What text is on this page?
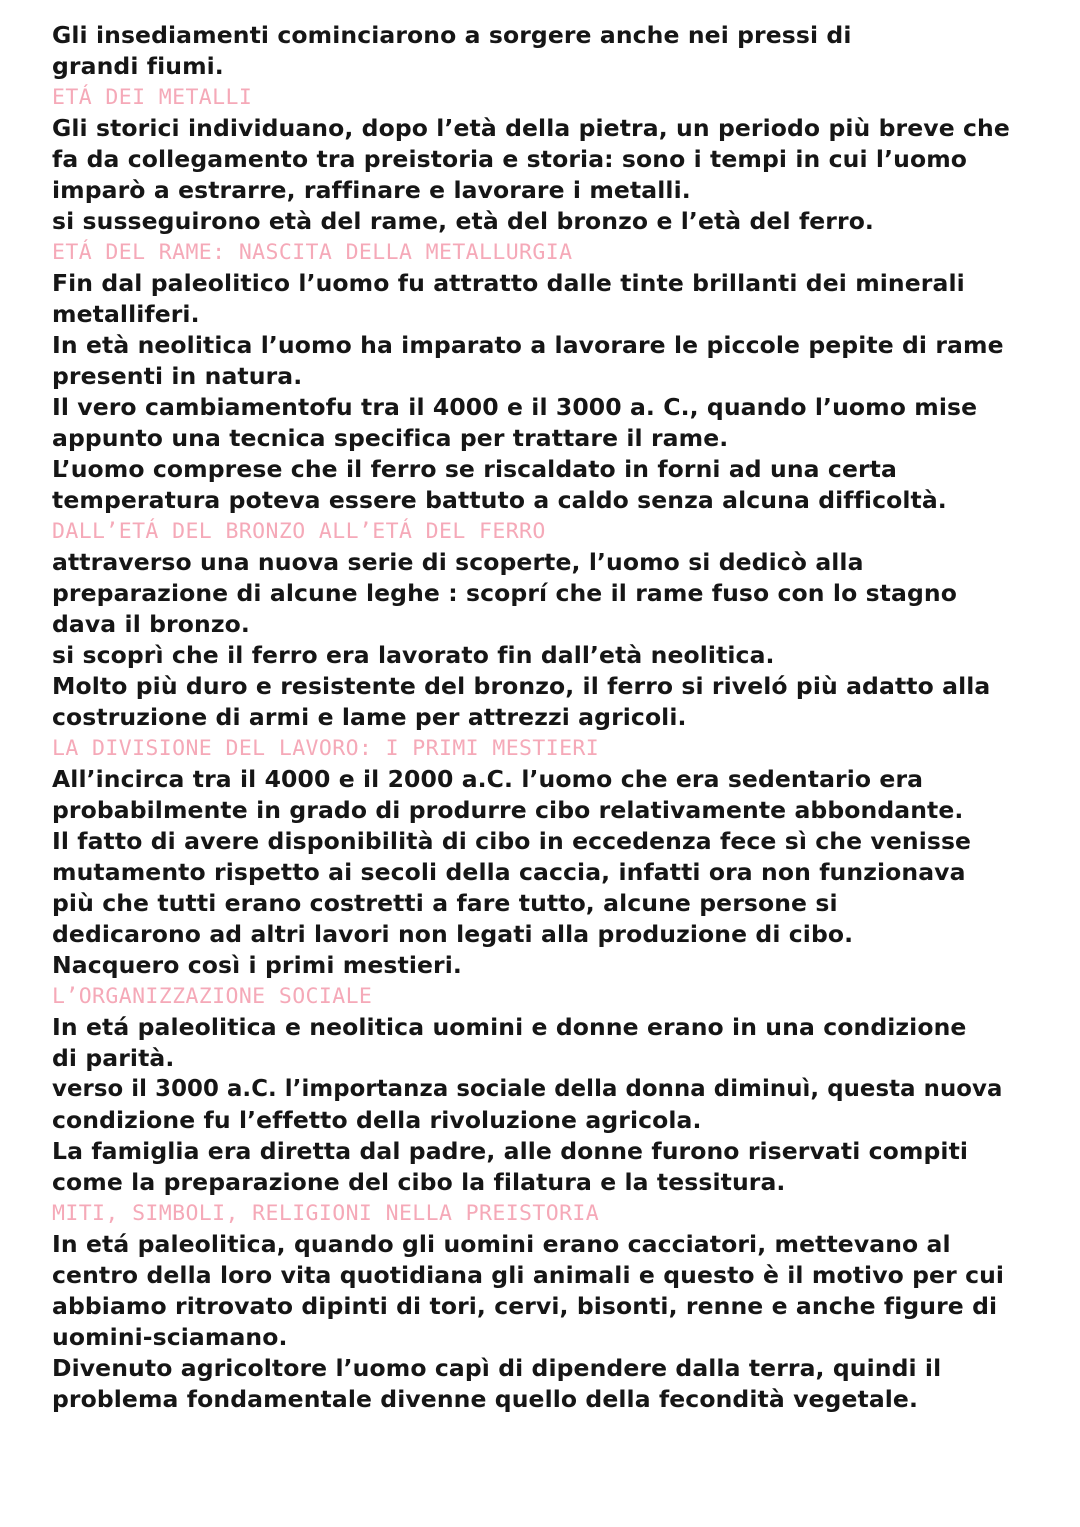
Gli insediamenti cominciarono a sorgere anche nei pressi di
grandi fiumi.
ETÁ DEI METALLI
Gli storici individuano, dopo l’età della pietra, un periodo più breve che
fa da collegamento tra preistoria e storia: sono i tempi in cui l’uomo
imparò a estrarre, raffinare e lavorare i metalli.
si susseguirono età del rame, età del bronzo e l’età del ferro.
ETÁ DEL RAME: NASCITA DELLA METALLURGIA
Fin dal paleolitico l’uomo fu attratto dalle tinte brillanti dei minerali
metalliferi.
In età neolitica l’uomo ha imparato a lavorare le piccole pepite di rame
presenti in natura.
Il vero cambiamentofu tra il 4000 e il 3000 a. C., quando l’uomo mise
appunto una tecnica specifica per trattare il rame.
L’uomo comprese che il ferro se riscaldato in forni ad una certa
temperatura poteva essere battuto a caldo senza alcuna difficoltà.
DALL’ETÁ DEL BRONZO ALL’ETÁ DEL FERRO
attraverso una nuova serie di scoperte, l’uomo si dedicò alla
preparazione di alcune leghe : scoprí che il rame fuso con lo stagno
dava il bronzo.
si scoprì che il ferro era lavorato fin dall’età neolitica.
Molto più duro e resistente del bronzo, il ferro si riveló più adatto alla
costruzione di armi e lame per attrezzi agricoli.
LA DIVISIONE DEL LAVORO: I PRIMI MESTIERI
All’incirca tra il 4000 e il 2000 a.C. l’uomo che era sedentario era
probabilmente in grado di produrre cibo relativamente abbondante.
Il fatto di avere disponibilità di cibo in eccedenza fece sì che venisse
mutamento rispetto ai secoli della caccia, infatti ora non funzionava
più che tutti erano costretti a fare tutto, alcune persone si
dedicarono ad altri lavori non legati alla produzione di cibo.
Nacquero così i primi mestieri.
L’ORGANIZZAZIONE SOCIALE
In etá paleolitica e neolitica uomini e donne erano in una condizione
di parità.
verso il 3000 a.C. l’importanza sociale della donna diminuì, questa nuova
condizione fu l’effetto della rivoluzione agricola.
La famiglia era diretta dal padre, alle donne furono riservati compiti
come la preparazione del cibo la filatura e la tessitura.
MITI, SIMBOLI, RELIGIONI NELLA PREISTORIA
In etá paleolitica, quando gli uomini erano cacciatori, mettevano al
centro della loro vita quotidiana gli animali e questo è il motivo per cui
abbiamo ritrovato dipinti di tori, cervi, bisonti, renne e anche figure di
uomini-sciamano.
Divenuto agricoltore l’uomo capì di dipendere dalla terra, quindi il
problema fondamentale divenne quello della fecondità vegetale.
